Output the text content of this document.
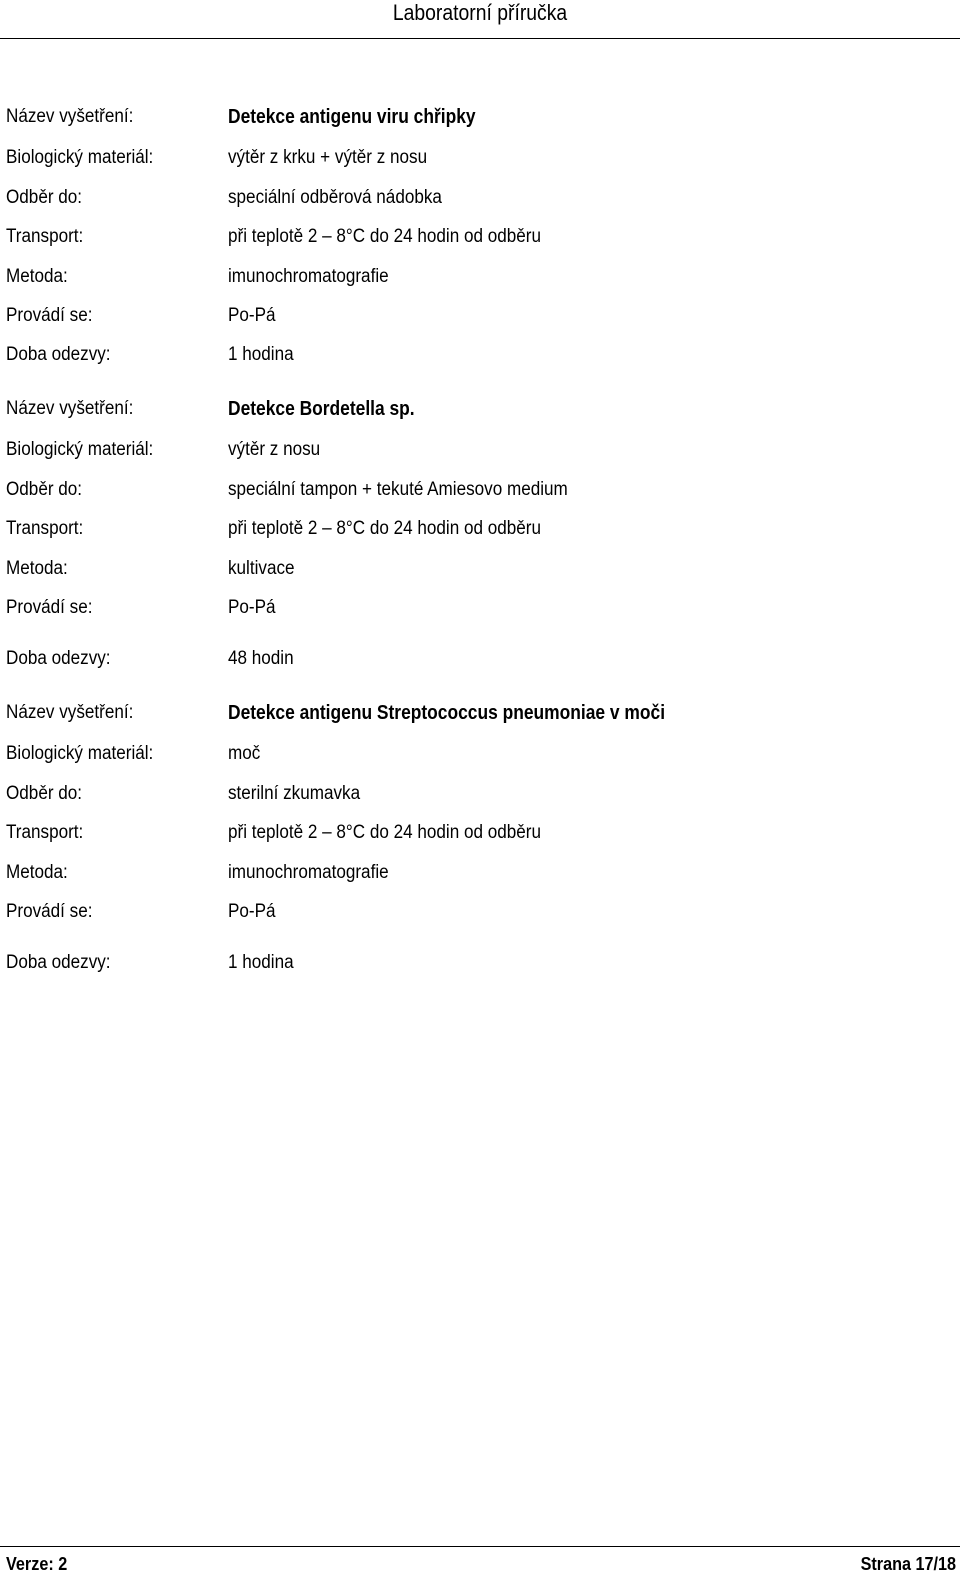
Laboratorní příručka
Název vyšetření:	Detekce antigenu viru chřipky
Biologický materiál:	výtěr z krku + výtěr z nosu
Odběr do:	speciální odběrová nádobka
Transport:	při teplotě 2 – 8°C do 24 hodin od odběru
Metoda:	imunochromatografie
Provádí se:	Po-Pá
Doba odezvy:	1 hodina
Název vyšetření:	Detekce Bordetella sp.
Biologický materiál:	výtěr z nosu
Odběr do:	speciální tampon + tekuté Amiesovo medium
Transport:	při teplotě 2 – 8°C do 24 hodin od odběru
Metoda:	kultivace
Provádí se:	Po-Pá
Doba odezvy:	48 hodin
Název vyšetření:	Detekce antigenu Streptococcus pneumoniae v moči
Biologický materiál:	moč
Odběr do:	sterilní zkumavka
Transport:	při teplotě 2 – 8°C do 24 hodin od odběru
Metoda:	imunochromatografie
Provádí se:	Po-Pá
Doba odezvy:	1 hodina
Verze: 2	Strana 17/18
